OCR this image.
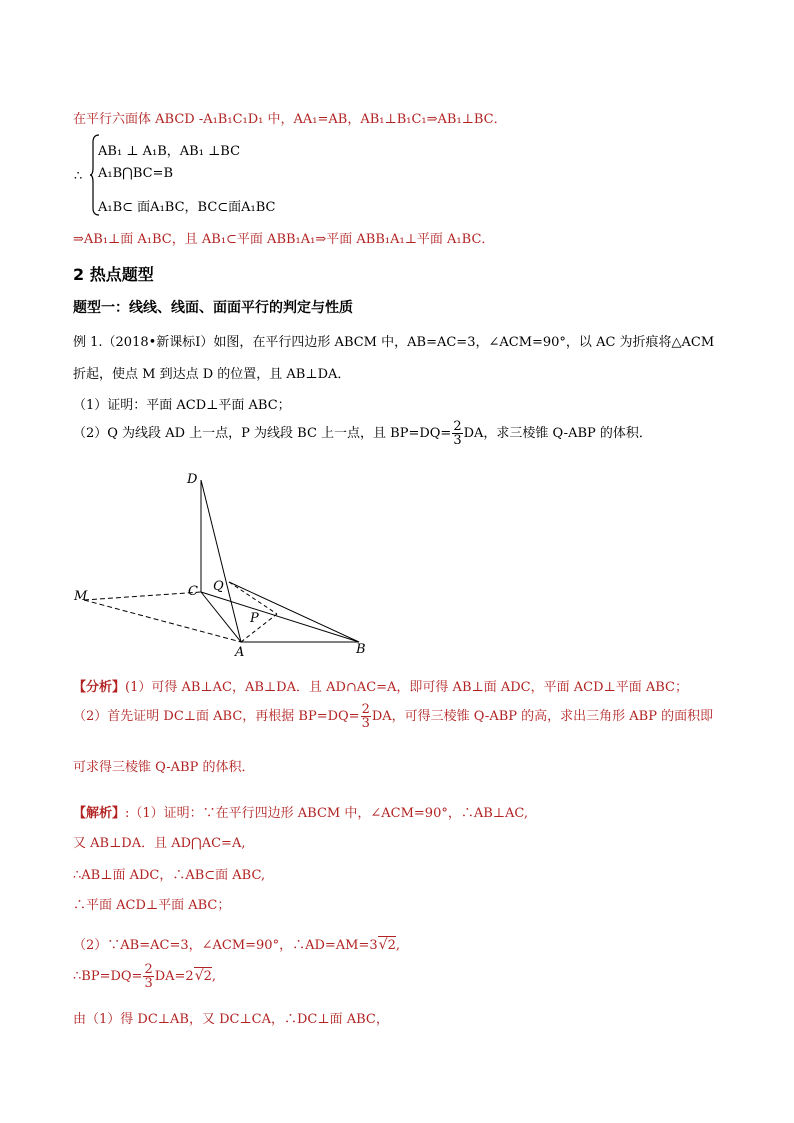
在平行六面体 ABCD -A₁B₁C₁D₁ 中，AA₁=AB，AB₁⊥B₁C₁⇒AB₁⊥BC．
∴
AB₁ ⊥ A₁B，AB₁ ⊥BC
A₁B⋂BC=B
A₁B⊂ 面A₁BC，BC⊂面A₁BC
⇒AB₁⊥面 A₁BC，且 AB₁⊂平面 ABB₁A₁⇒平面 ABB₁A₁⊥平面 A₁BC．
2 热点题型
题型一：线线、线面、面面平行的判定与性质
例 1.（2018•新课标Ⅰ）如图，在平行四边形 ABCM 中，AB=AC=3，∠ACM=90°，以 AC 为折痕将△ACM
折起，使点 M 到达点 D 的位置，且 AB⊥DA．
（1）证明：平面 ACD⊥平面 ABC；
（2）Q 为线段 AD 上一点，P 为线段 BC 上一点，且 $BP=DQ= \frac{2}{3}$ DA，求三棱锥 Q-ABP 的体积．
D
C Q
M
P
A	B
【分析】(1）可得 AB⊥AC，AB⊥DA．且 AD∩AC=A，即可得 AB⊥面 ADC，平面 ACD⊥平面 ABC；
（2）首先证明 DC⊥面 ABC，再根据 $BP=DQ= \frac{2}{3}$ DA，可得三棱锥 Q-ABP 的高，求出三角形 ABP 的面积即
可求得三棱锥 Q-ABP 的体积．
【解析】:（1）证明：∵在平行四边形 ABCM 中，∠ACM=90°，∴AB⊥AC,
又 AB⊥DA．且 AD⋂AC=A,
∴AB⊥面 ADC，∴AB⊂面 ABC,
∴平面 ACD⊥平面 ABC；
（2）∵AB=AC=3，∠ACM=90°，∴AD=AM=3√2,
∴BP=DQ= $\frac{2}{3} DA=2√2$,
由（1）得 DC⊥AB，又 DC⊥CA，∴DC⊥面 ABC，
